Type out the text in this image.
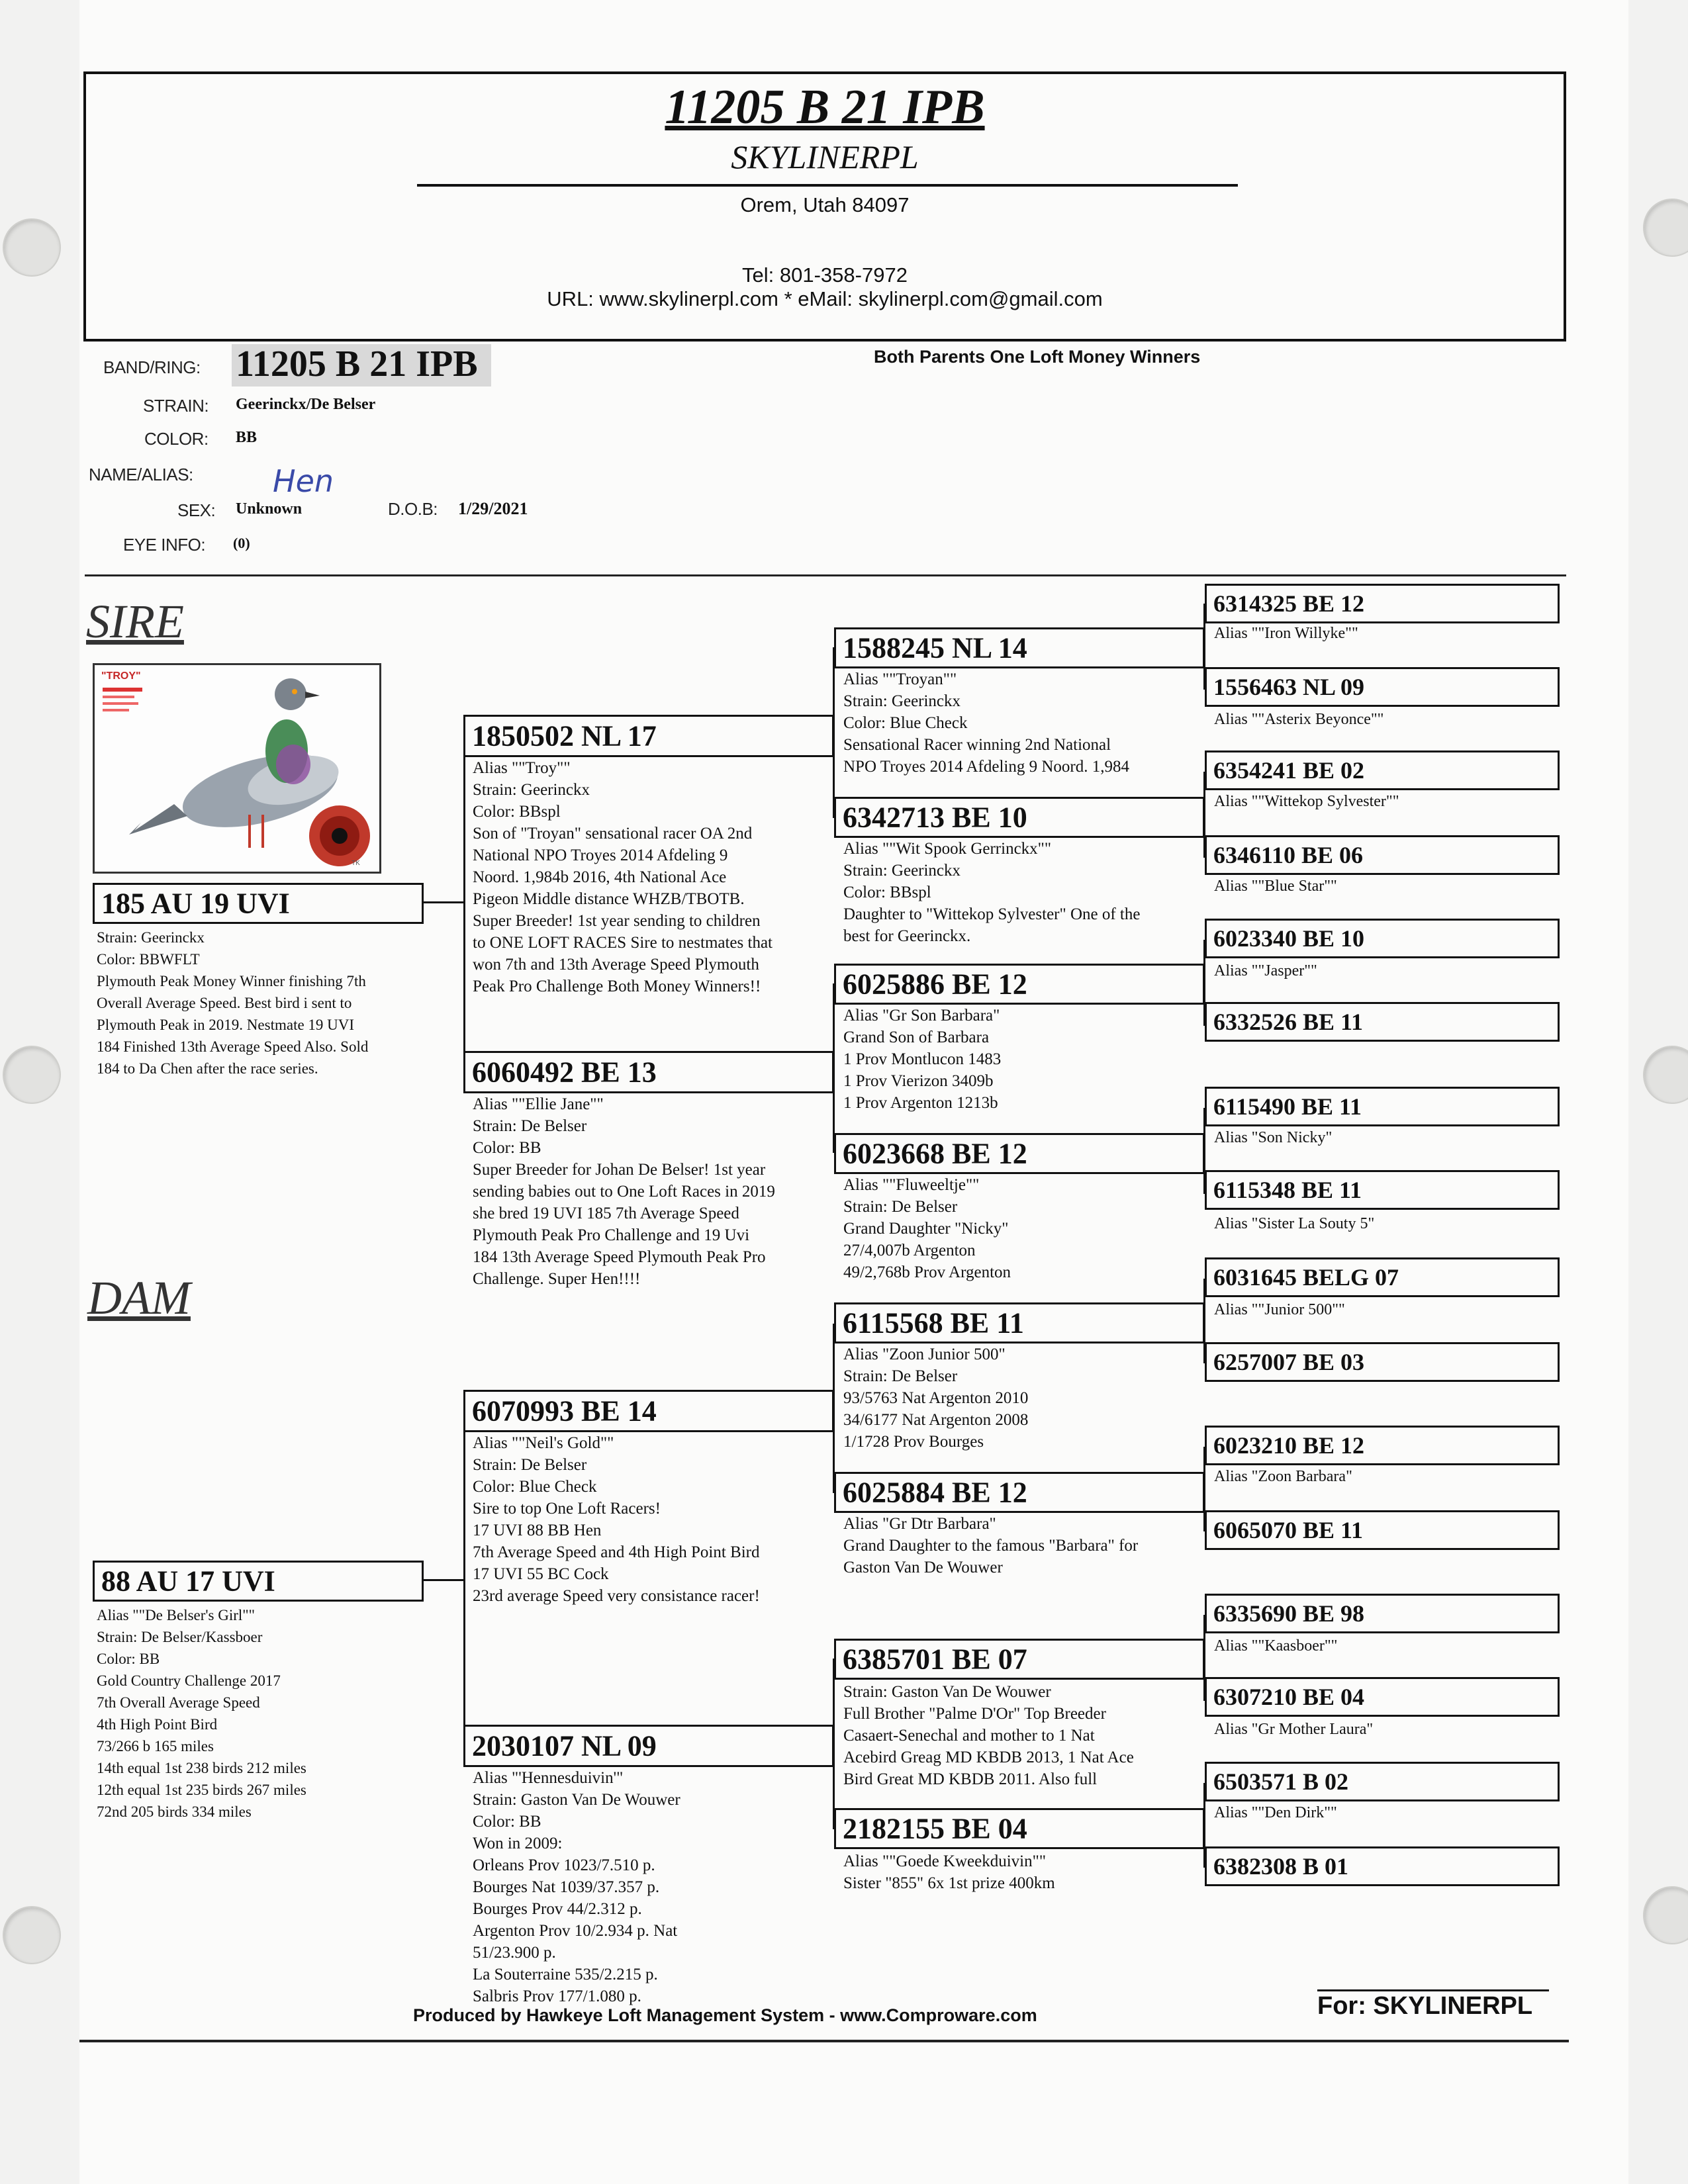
11205 B 21 IPB
SKYLINERPL
Orem, Utah 84097
Tel: 801-358-7972
URL: www.skylinerpl.com * eMail: skylinerpl.com@gmail.com
BAND/RING: 11205 B 21 IPB	Both Parents One Loft Money Winners
STRAIN: Geerinckx/De Belser
COLOR: BB
NAME/ALIAS:
SEX: Unknown
Hen
D.O.B: 1/29/2021
EYE INFO: (0)
SIRE
DAM
"TROY"
TK
185 AU 19 UVI
Strain: Geerinckx
Color: BBWFLT
Plymouth Peak Money Winner finishing 7th
Overall Average Speed. Best bird i sent to
Plymouth Peak in 2019. Nestmate 19 UVI
184 Finished 13th Average Speed Also. Sold
184 to Da Chen after the race series.
88 AU 17 UVI
Alias ""De Belser's Girl""
Strain: De Belser/Kassboer
Color: BB
Gold Country Challenge 2017
7th Overall Average Speed
4th High Point Bird
73/266 b 165 miles
14th equal 1st 238 birds 212 miles
12th equal 1st 235 birds 267 miles
72nd 205 birds 334 miles
1850502 NL 17
Alias ""Troy""
Strain: Geerinckx
Color: BBspl
Son of "Troyan" sensational racer OA 2nd
National NPO Troyes 2014 Afdeling 9
Noord. 1,984b 2016, 4th National Ace
Pigeon Middle distance WHZB/TBOTB.
Super Breeder! 1st year sending to children
to ONE LOFT RACES Sire to nestmates that
won 7th and 13th Average Speed Plymouth
Peak Pro Challenge Both Money Winners!!
6060492 BE 13
Alias ""Ellie Jane""
Strain: De Belser
Color: BB
Super Breeder for Johan De Belser! 1st year
sending babies out to One Loft Races in 2019
she bred 19 UVI 185 7th Average Speed
Plymouth Peak Pro Challenge and 19 Uvi
184 13th Average Speed Plymouth Peak Pro
Challenge. Super Hen!!!!
6070993 BE 14
Alias ""Neil's Gold""
Strain: De Belser
Color: Blue Check
Sire to top One Loft Racers!
17 UVI 88 BB Hen
7th Average Speed and 4th High Point Bird
17 UVI 55 BC Cock
23rd average Speed very consistance racer!
2030107 NL 09
Alias "'Hennesduivin'"
Strain: Gaston Van De Wouwer
Color: BB
Won in 2009:
Orleans Prov 1023/7.510 p.
Bourges Nat 1039/37.357 p.
Bourges Prov 44/2.312 p.
Argenton Prov 10/2.934 p. Nat
51/23.900 p.
La Souterraine 535/2.215 p.
Salbris Prov 177/1.080 p.
1588245 NL 14
Alias ""Troyan""
Strain: Geerinckx
Color: Blue Check
Sensational Racer winning 2nd National
NPO Troyes 2014 Afdeling 9 Noord. 1,984
6342713 BE 10
Alias ""Wit Spook Gerrinckx""
Strain: Geerinckx
Color: BBspl
Daughter to "Wittekop Sylvester" One of the
best for Geerinckx.
6025886 BE 12
Alias "Gr Son Barbara"
Grand Son of Barbara
1 Prov Montlucon 1483
1 Prov Vierizon 3409b
1 Prov Argenton 1213b
6023668 BE 12
Alias ""Fluweeltje""
Strain: De Belser
Grand Daughter "Nicky"
27/4,007b Argenton
49/2,768b Prov Argenton
6115568 BE 11
Alias "Zoon Junior 500"
Strain: De Belser
93/5763 Nat Argenton 2010
34/6177 Nat Argenton 2008
1/1728 Prov Bourges
6025884 BE 12
Alias "Gr Dtr Barbara"
Grand Daughter to the famous "Barbara" for
Gaston Van De Wouwer
6385701 BE 07
Strain: Gaston Van De Wouwer
Full Brother "Palme D'Or" Top Breeder
Casaert-Senechal and mother to 1 Nat
Acebird Greag MD KBDB 2013, 1 Nat Ace
Bird Great MD KBDB 2011. Also full
2182155 BE 04
Alias ""Goede Kweekduivin""
Sister "855" 6x 1st prize 400km
6314325 BE 12
Alias ""Iron Willyke""
1556463 NL 09
Alias ""Asterix Beyonce""
6354241 BE 02
Alias ""Wittekop Sylvester""
6346110 BE 06
Alias ""Blue Star""
6023340 BE 10
Alias ""Jasper""
6332526 BE 11
6115490 BE 11
Alias "Son Nicky"
6115348 BE 11
Alias "Sister La Souty 5"
6031645 BELG 07
Alias ""Junior 500""
6257007 BE 03
6023210 BE 12
Alias "Zoon Barbara"
6065070 BE 11
6335690 BE 98
Alias ""Kaasboer""
6307210 BE 04
Alias "Gr Mother Laura"
6503571 B 02
Alias ""Den Dirk""
6382308 B 01
Produced by Hawkeye Loft Management System - www.Comproware.com	For: SKYLINERPL
